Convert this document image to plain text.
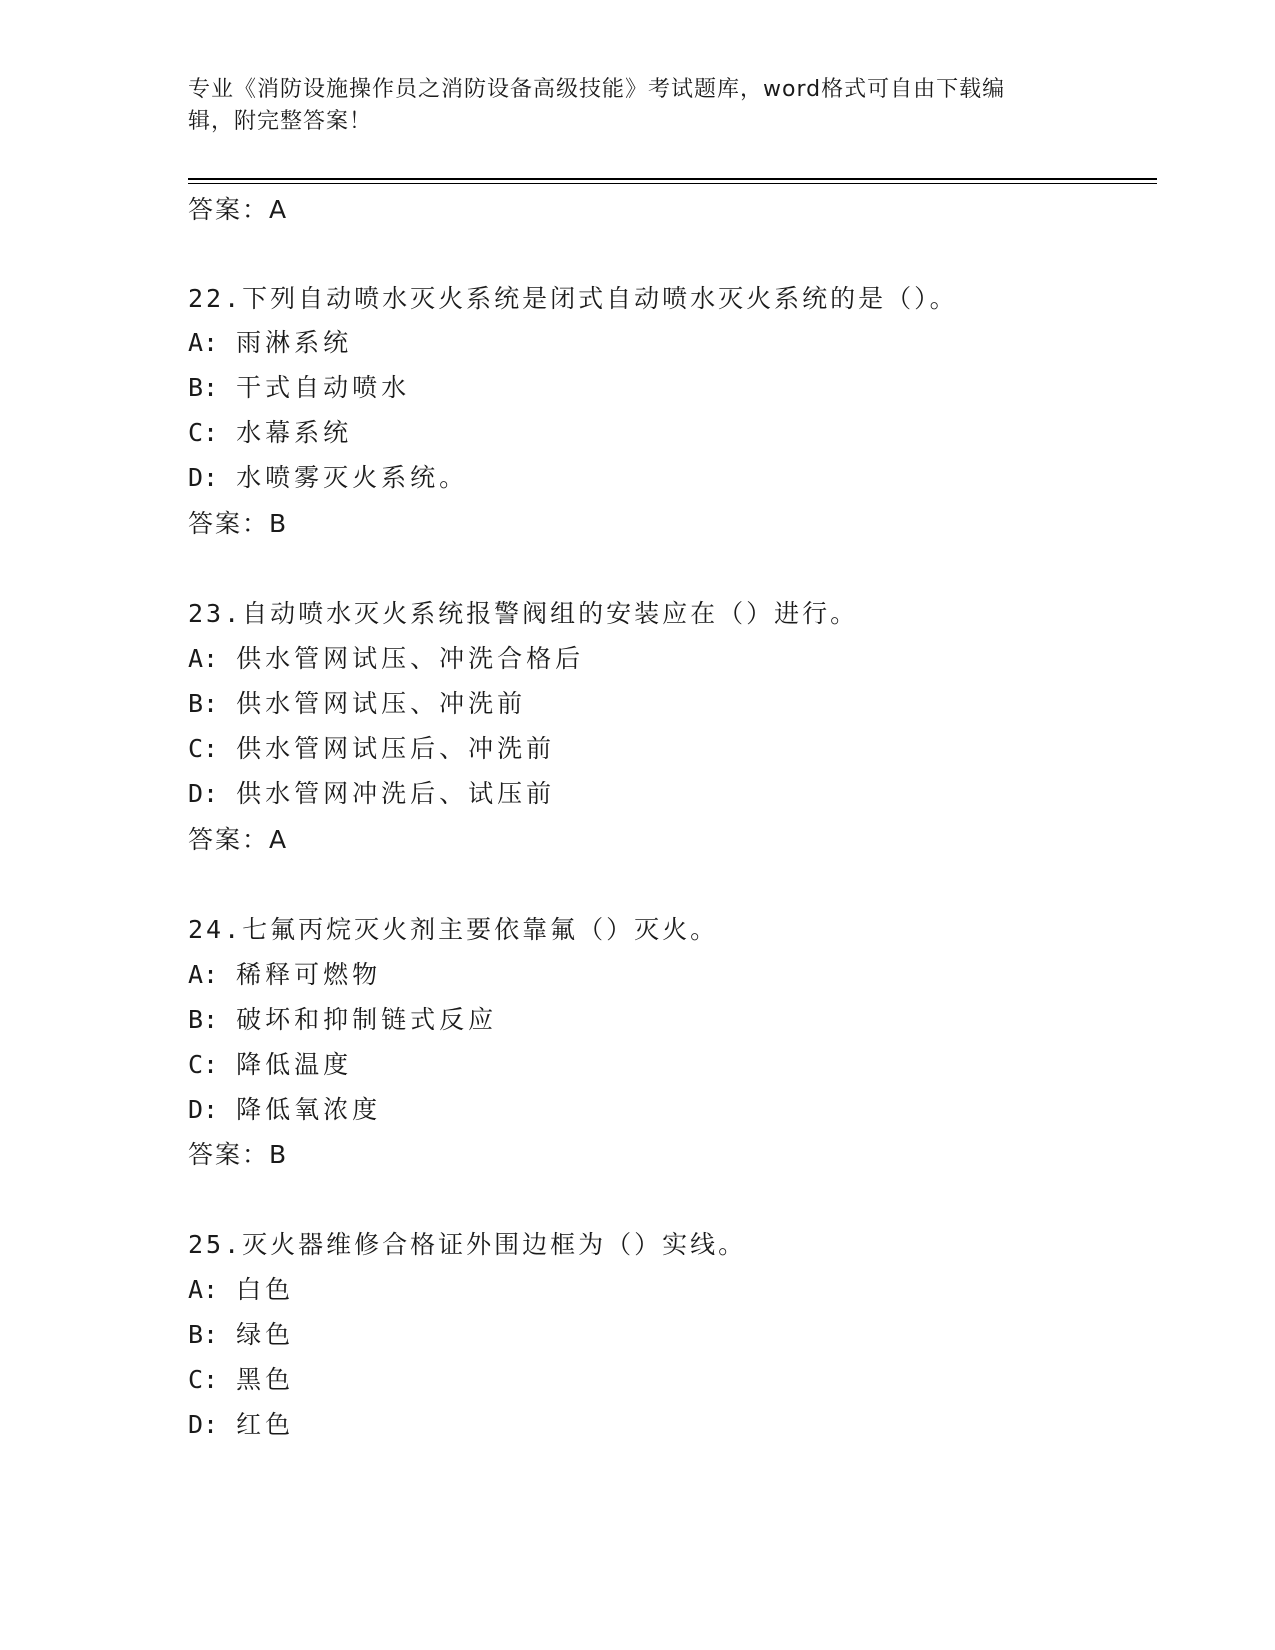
专业《消防设施操作员之消防设备高级技能》考试题库，word格式可自由下载编
辑，附完整答案！
答案：A
22.下列自动喷水灭火系统是闭式自动喷水灭火系统的是（）。
A: 雨淋系统
B: 干式自动喷水
C: 水幕系统
D: 水喷雾灭火系统。
答案：B
23.自动喷水灭火系统报警阀组的安装应在（）进行。
A: 供水管网试压、冲洗合格后
B: 供水管网试压、冲洗前
C: 供水管网试压后、冲洗前
D: 供水管网冲洗后、试压前
答案：A
24.七氟丙烷灭火剂主要依靠氟（）灭火。
A: 稀释可燃物
B: 破坏和抑制链式反应
C: 降低温度
D: 降低氧浓度
答案：B
25.灭火器维修合格证外围边框为（）实线。
A: 白色
B: 绿色
C: 黑色
D: 红色
